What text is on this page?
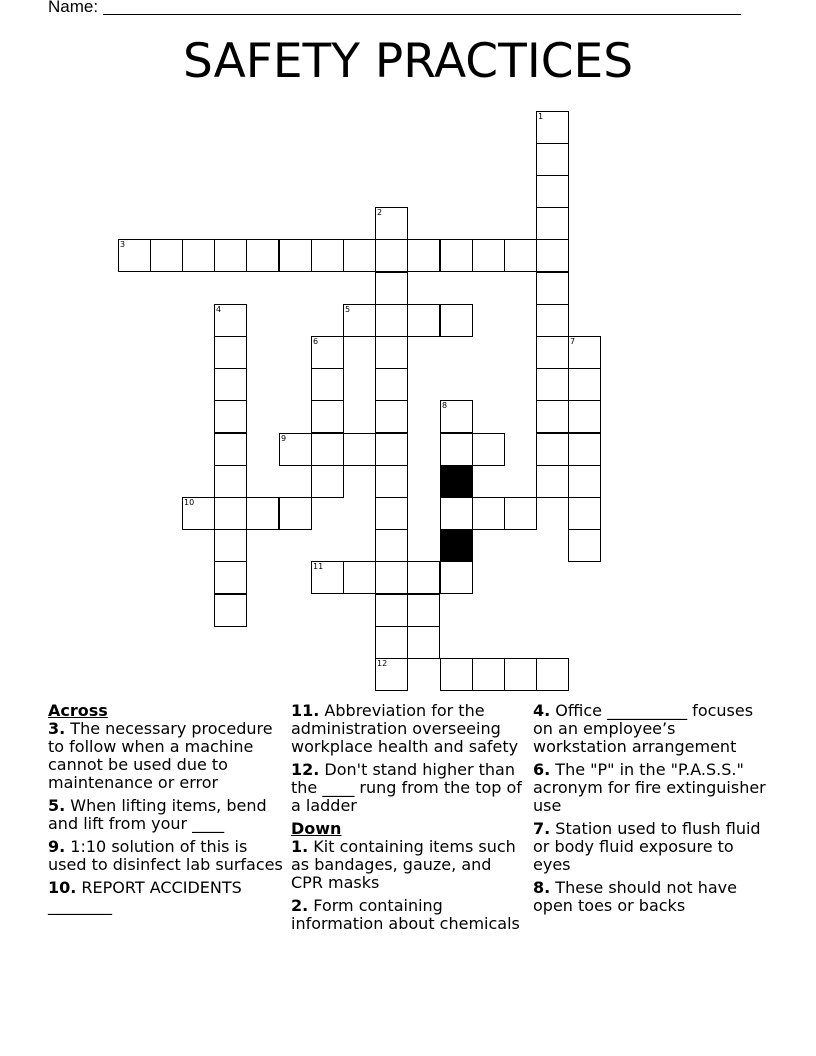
Name:
SAFETY PRACTICES
1
2
12
3
5
4
6	7
8
9
10
11
Across
3. The necessary procedure to follow when a machine cannot be used due to maintenance or error
5. When lifting items, bend and lift from your ____
9. 1:10 solution of this is used to disinfect lab surfaces
10. REPORT ACCIDENTS ________
11. Abbreviation for the administration overseeing workplace health and safety
12. Don't stand higher than the ____ rung from the top of a ladder
Down
1. Kit containing items such as bandages, gauze, and CPR masks
2. Form containing information about chemicals
4. Office __________ focuses on an employee’s workstation arrangement
6. The "P" in the "P.A.S.S." acronym for fire extinguisher use
7. Station used to flush fluid or body fluid exposure to eyes
8. These should not have open toes or backs
